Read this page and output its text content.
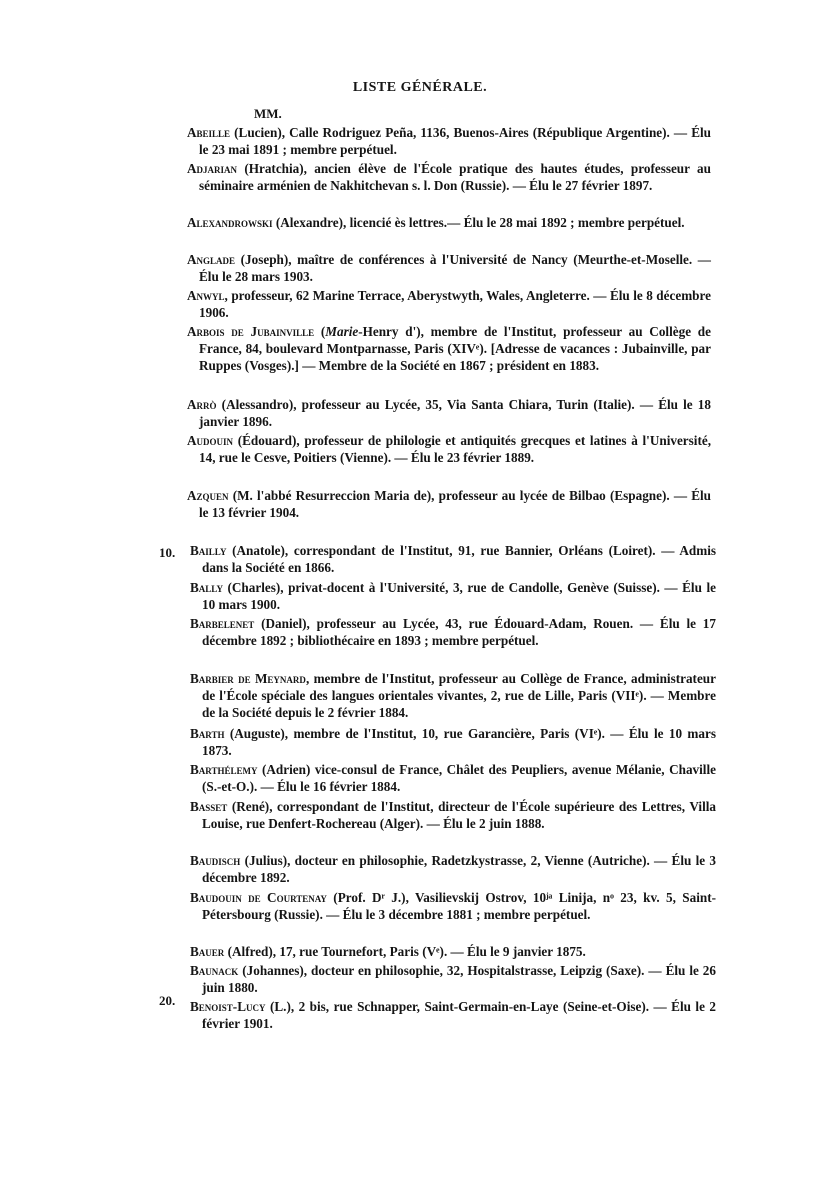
LISTE GÉNÉRALE.
MM.
10.
20.
Abeille (Lucien), Calle Rodriguez Peña, 1136, Buenos-Aires (République Argentine). — Élu le 23 mai 1891 ; membre perpétuel.
Adjarian (Hratchia), ancien élève de l'École pratique des hautes études, professeur au séminaire arménien de Nakhitchevan s. l. Don (Russie). — Élu le 27 février 1897.
Alexandrowski (Alexandre), licencié ès lettres.— Élu le 28 mai 1892 ; membre perpétuel.
Anglade (Joseph), maître de conférences à l'Université de Nancy (Meurthe-et-Moselle. — Élu le 28 mars 1903.
Anwyl, professeur, 62 Marine Terrace, Aberystwyth, Wales, Angleterre. — Élu le 8 décembre 1906.
Arbois de Jubainville (Marie-Henry d'), membre de l'Institut, professeur au Collège de France, 84, boulevard Montparnasse, Paris (XIVᵉ). [Adresse de vacances : Jubainville, par Ruppes (Vosges).] — Membre de la Société en 1867 ; président en 1883.
Arrò (Alessandro), professeur au Lycée, 35, Via Santa Chiara, Turin (Italie). — Élu le 18 janvier 1896.
Audouin (Édouard), professeur de philologie et antiquités grecques et latines à l'Université, 14, rue le Cesve, Poitiers (Vienne). — Élu le 23 février 1889.
Azquen (M. l'abbé Resurreccion Maria de), professeur au lycée de Bilbao (Espagne). — Élu le 13 février 1904.
Bailly (Anatole), correspondant de l'Institut, 91, rue Bannier, Orléans (Loiret). — Admis dans la Société en 1866.
Bally (Charles), privat-docent à l'Université, 3, rue de Candolle, Genève (Suisse). — Élu le 10 mars 1900.
Barbelenet (Daniel), professeur au Lycée, 43, rue Édouard-Adam, Rouen. — Élu le 17 décembre 1892 ; bibliothécaire en 1893 ; membre perpétuel.
Barbier de Meynard, membre de l'Institut, professeur au Collège de France, administrateur de l'École spéciale des langues orientales vivantes, 2, rue de Lille, Paris (VIIᵉ). — Membre de la Société depuis le 2 février 1884.
Barth (Auguste), membre de l'Institut, 10, rue Garancière, Paris (VIᵉ). — Élu le 10 mars 1873.
Barthélemy (Adrien) vice-consul de France, Châlet des Peupliers, avenue Mélanie, Chaville (S.-et-O.). — Élu le 16 février 1884.
Basset (René), correspondant de l'Institut, directeur de l'École supérieure des Lettres, Villa Louise, rue Denfert-Rochereau (Alger). — Élu le 2 juin 1888.
Baudisch (Julius), docteur en philosophie, Radetzkystrasse, 2, Vienne (Autriche). — Élu le 3 décembre 1892.
Baudouin de Courtenay (Prof. Dʳ J.), Vasilievskij Ostrov, 10ʲᵃ Linija, nᵒ 23, kv. 5, Saint-Pétersbourg (Russie). — Élu le 3 décembre 1881 ; membre perpétuel.
Bauer (Alfred), 17, rue Tournefort, Paris (Vᵉ). — Élu le 9 janvier 1875.
Baunack (Johannes), docteur en philosophie, 32, Hospitalstrasse, Leipzig (Saxe). — Élu le 26 juin 1880.
Benoist-Lucy (L.), 2 bis, rue Schnapper, Saint-Germain-en-Laye (Seine-et-Oise). — Élu le 2 février 1901.
